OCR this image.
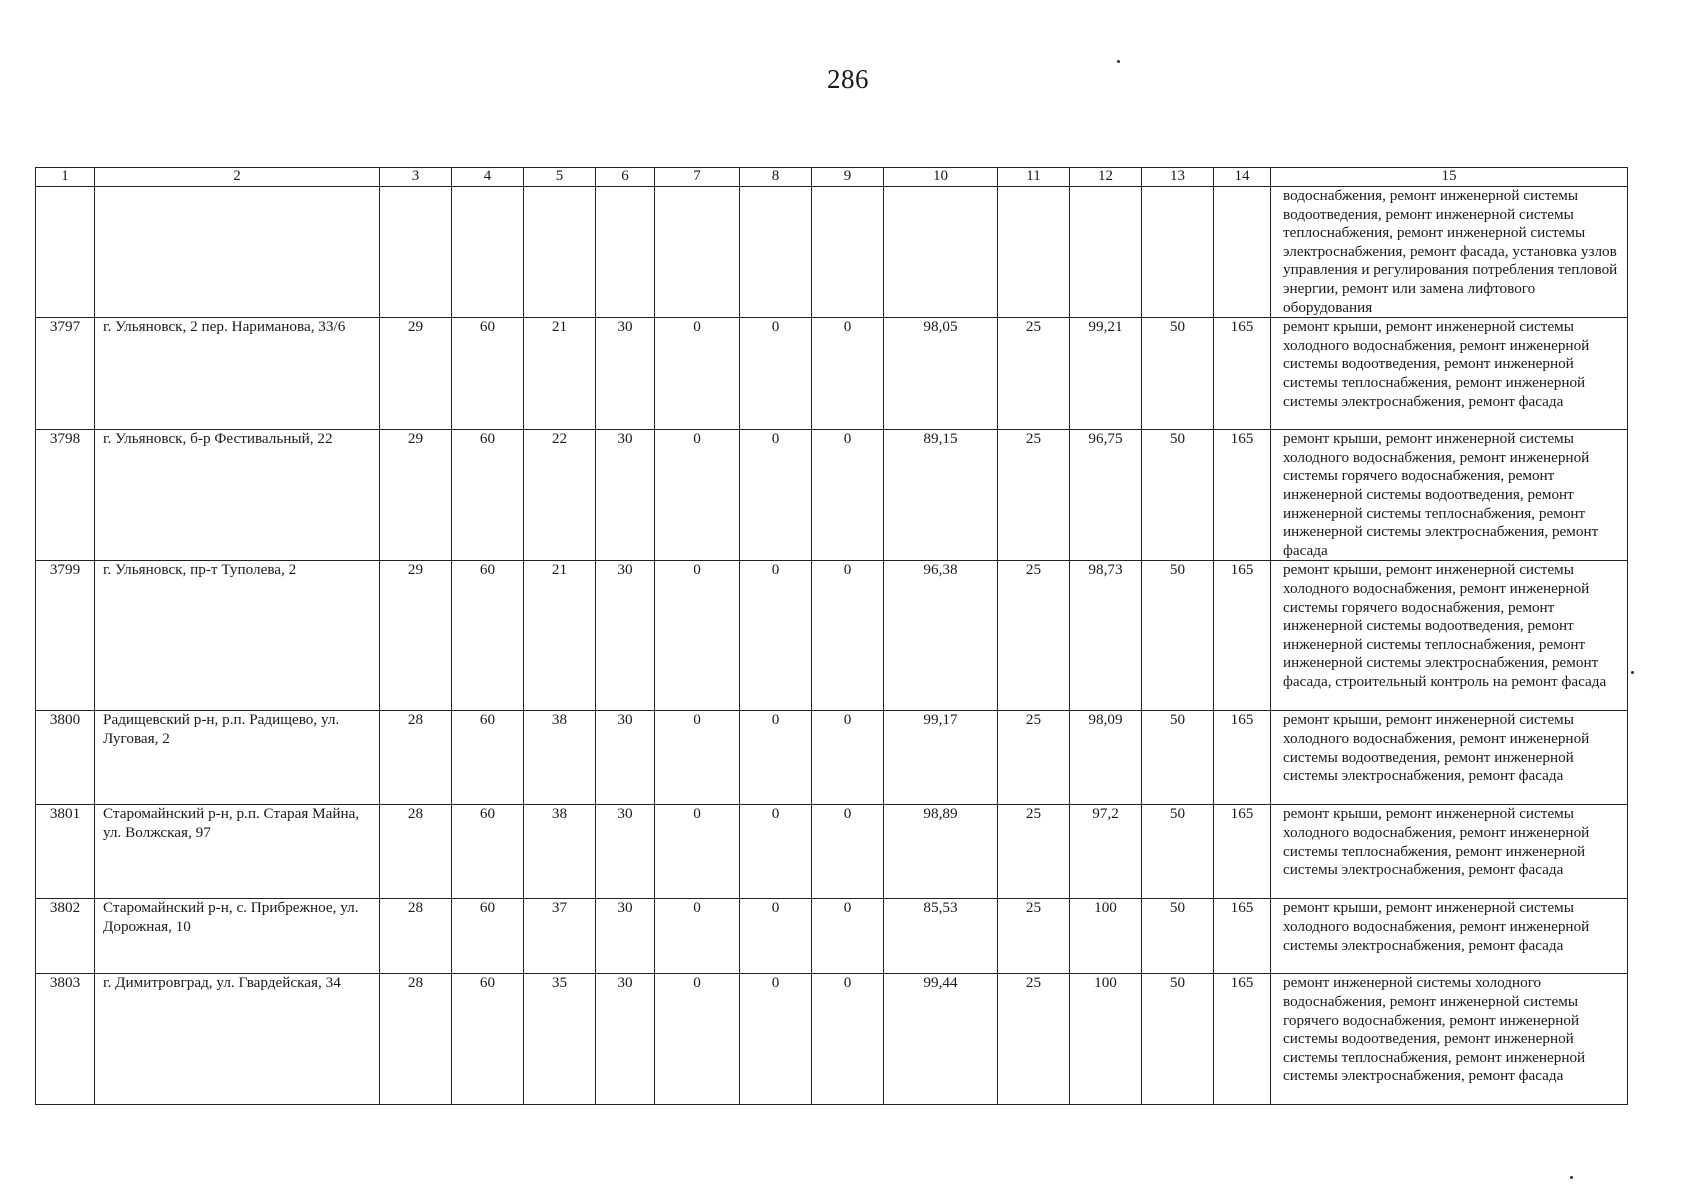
286
1	2	3	4	5	6	7	8	9	10	11	12	13	14	15
														водоснабжения, ремонт инженерной системы водоотведения, ремонт инженерной системы теплоснабжения, ремонт инженерной системы электроснабжения, ремонт фасада, установка узлов управления и регулирования потребления тепловой энергии, ремонт или замена лифтового оборудования
3797	г. Ульяновск, 2 пер. Нариманова, 33/6	29	60	21	30	0	0	0	98,05	25	99,21	50	165	ремонт крыши, ремонт инженерной системы холодного водоснабжения, ремонт инженерной системы водоотведения, ремонт инженерной системы теплоснабжения, ремонт инженерной системы электроснабжения, ремонт фасада
3798	г. Ульяновск, б-р Фестивальный, 22	29	60	22	30	0	0	0	89,15	25	96,75	50	165	ремонт крыши, ремонт инженерной системы холодного водоснабжения, ремонт инженерной системы горячего водоснабжения, ремонт инженерной системы водоотведения, ремонт инженерной системы теплоснабжения, ремонт инженерной системы электроснабжения, ремонт фасада
3799	г. Ульяновск, пр-т Туполева, 2	29	60	21	30	0	0	0	96,38	25	98,73	50	165	ремонт крыши, ремонт инженерной системы холодного водоснабжения, ремонт инженерной системы горячего водоснабжения, ремонт инженерной системы водоотведения, ремонт инженерной системы теплоснабжения, ремонт инженерной системы электроснабжения, ремонт фасада, строительный контроль на ремонт фасада
3800	Радищевский р-н, р.п. Радищево, ул. Луговая, 2	28	60	38	30	0	0	0	99,17	25	98,09	50	165	ремонт крыши, ремонт инженерной системы холодного водоснабжения, ремонт инженерной системы водоотведения, ремонт инженерной системы электроснабжения, ремонт фасада
3801	Старомайнский р-н, р.п. Старая Майна, ул. Волжская, 97	28	60	38	30	0	0	0	98,89	25	97,2	50	165	ремонт крыши, ремонт инженерной системы холодного водоснабжения, ремонт инженерной системы теплоснабжения, ремонт инженерной системы электроснабжения, ремонт фасада
3802	Старомайнский р-н, с. Прибрежное, ул. Дорожная, 10	28	60	37	30	0	0	0	85,53	25	100	50	165	ремонт крыши, ремонт инженерной системы холодного водоснабжения, ремонт инженерной системы электроснабжения, ремонт фасада
3803	г. Димитровград, ул. Гвардейская, 34	28	60	35	30	0	0	0	99,44	25	100	50	165	ремонт инженерной системы холодного водоснабжения, ремонт инженерной системы горячего водоснабжения, ремонт инженерной системы водоотведения, ремонт инженерной системы теплоснабжения, ремонт инженерной системы электроснабжения, ремонт фасада
